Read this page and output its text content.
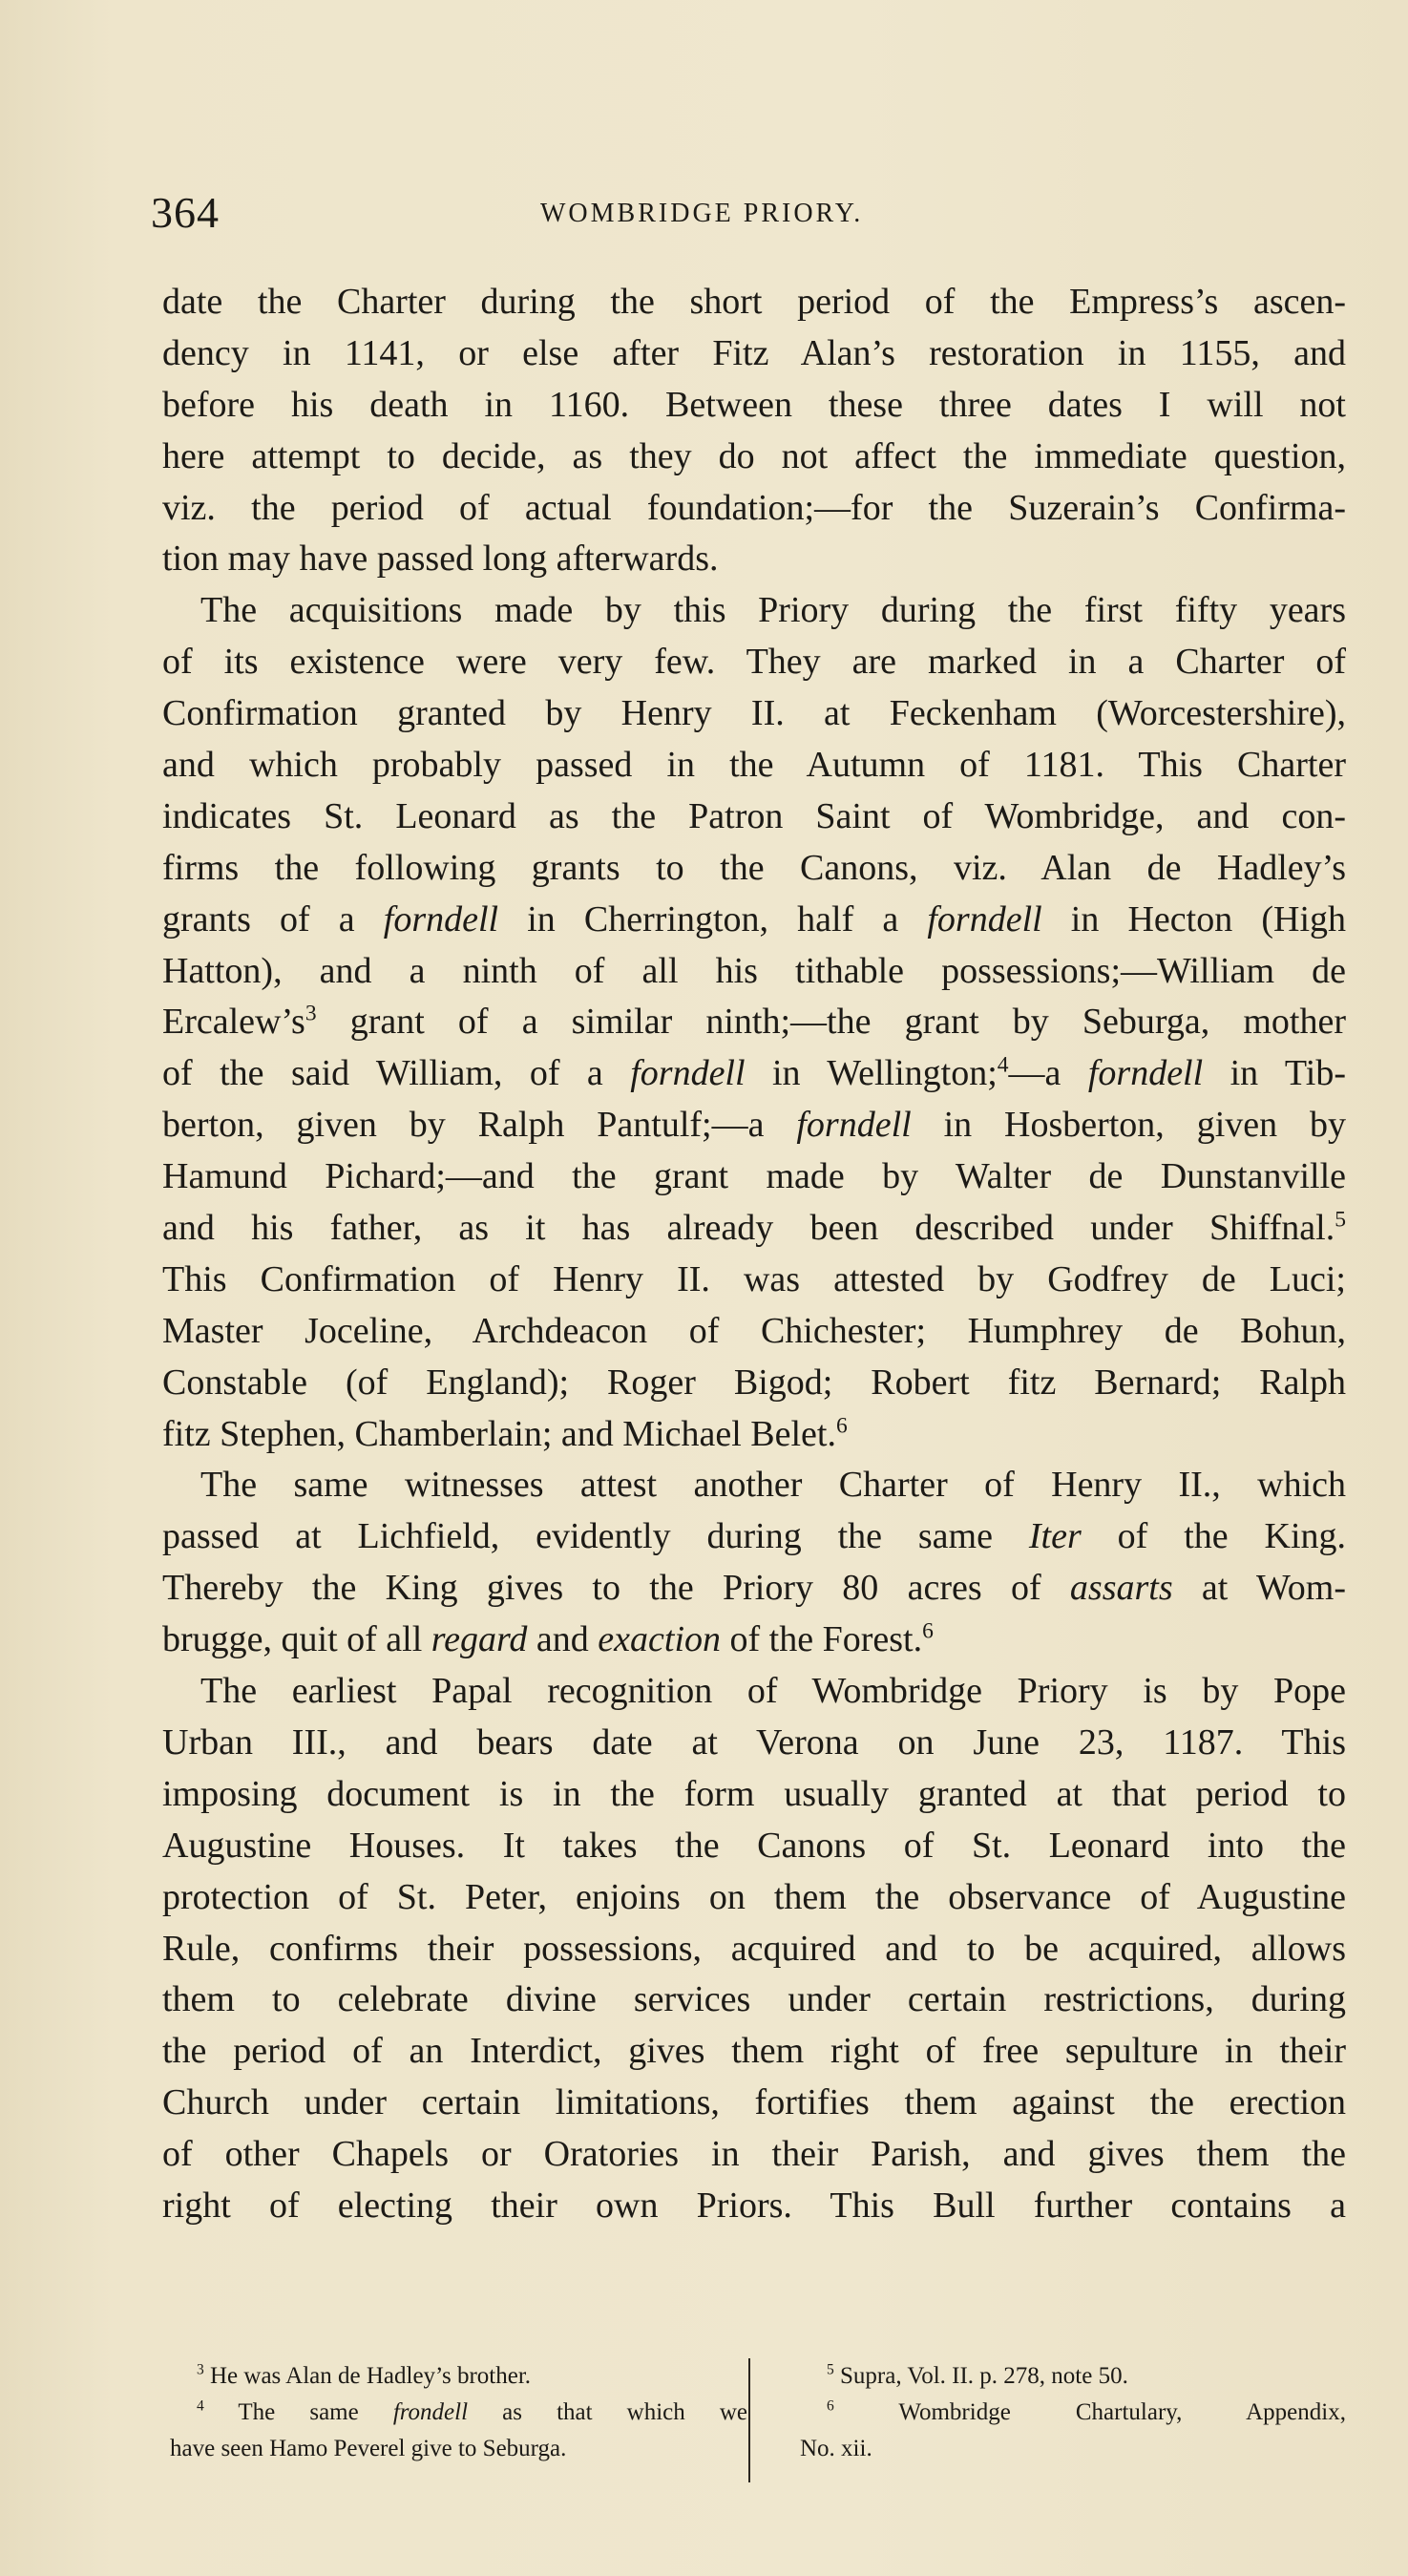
364	WOMBRIDGE PRIORY.
date the Charter during the short period of the Empress’s ascen-
dency in 1141, or else after Fitz Alan’s restoration in 1155, and
before his death in 1160. Between these three dates I will not
here attempt to decide, as they do not affect the immediate question,
viz. the period of actual foundation;—for the Suzerain’s Confirma-
tion may have passed long afterwards.
The acquisitions made by this Priory during the first fifty years
of its existence were very few. They are marked in a Charter of
Confirmation granted by Henry II. at Feckenham (Worcestershire),
and which probably passed in the Autumn of 1181. This Charter
indicates St. Leonard as the Patron Saint of Wombridge, and con-
firms the following grants to the Canons, viz. Alan de Hadley’s
grants of a forndell in Cherrington, half a forndell in Hecton (High
Hatton), and a ninth of all his tithable possessions;—William de
$Ercalew’s^3$ grant of a similar ninth;—the grant by Seburga, mother
of the said William, of a forndell in Wellington;$^4$—a forndell in Tib-
berton, given by Ralph Pantulf;—a forndell in Hosberton, given by
Hamund Pichard;—and the grant made by Walter de Dunstanville
and his father, as it has already been described under Shiffnal.$^5$
This Confirmation of Henry II. was attested by Godfrey de Luci;
Master Joceline, Archdeacon of Chichester; Humphrey de Bohun,
Constable (of England); Roger Bigod; Robert fitz Bernard; Ralph
fitz Stephen, Chamberlain; and Michael Belet.$^6$
The same witnesses attest another Charter of Henry II., which
passed at Lichfield, evidently during the same Iter of the King.
Thereby the King gives to the Priory 80 acres of assarts at Wom-
brugge, quit of all regard and exaction of the Forest.$^6$
The earliest Papal recognition of Wombridge Priory is by Pope
Urban III., and bears date at Verona on June 23, 1187. This
imposing document is in the form usually granted at that period to
Augustine Houses. It takes the Canons of St. Leonard into the
protection of St. Peter, enjoins on them the observance of Augustine
Rule, confirms their possessions, acquired and to be acquired, allows
them to celebrate divine services under certain restrictions, during
the period of an Interdict, gives them right of free sepulture in their
Church under certain limitations, fortifies them against the erection
of other Chapels or Oratories in their Parish, and gives them the
right of electing their own Priors. This Bull further contains a
$^3$ He was Alan de Hadley’s brother.
$^4$ The same frondell as that which we
have seen Hamo Peverel give to Seburga.
$^5$ Supra, Vol. II. p. 278, note 50.
$^6$	Wombridge Chartulary, Appendix,
No. xii.
